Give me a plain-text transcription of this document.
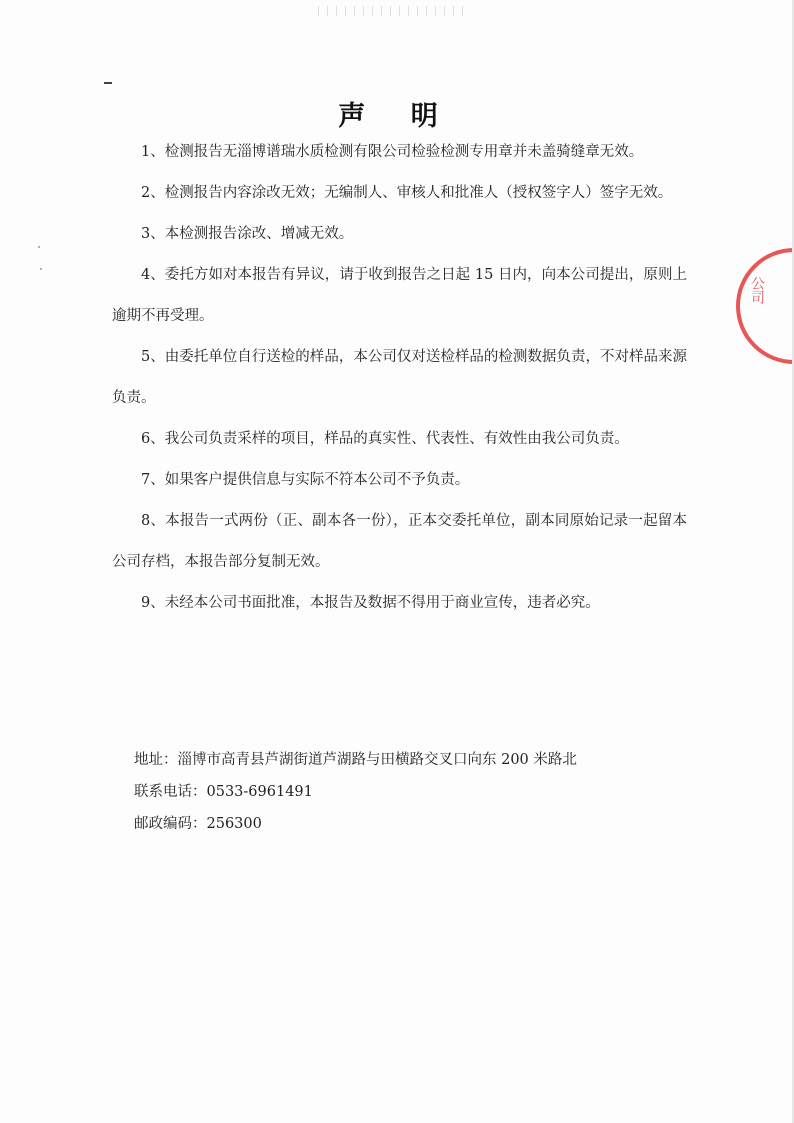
声 明

1、检测报告无淄博谱瑞水质检测有限公司检验检测专用章并未盖骑缝章无效。

2、检测报告内容涂改无效；无编制人、审核人和批准人（授权签字人）签字无效。

3、本检测报告涂改、增减无效。

4、委托方如对本报告有异议，请于收到报告之日起 15 日内，向本公司提出，原则上逾期不再受理。

5、由委托单位自行送检的样品，本公司仅对送检样品的检测数据负责，不对样品来源负责。

6、我公司负责采样的项目，样品的真实性、代表性、有效性由我公司负责。

7、如果客户提供信息与实际不符本公司不予负责。

8、本报告一式两份（正、副本各一份），正本交委托单位，副本同原始记录一起留本公司存档，本报告部分复制无效。

9、未经本公司书面批准，本报告及数据不得用于商业宣传，违者必究。

地址：淄博市高青县芦湖街道芦湖路与田横路交叉口向东 200 米路北

联系电话：0533-6961491

邮政编码：256300

公司
